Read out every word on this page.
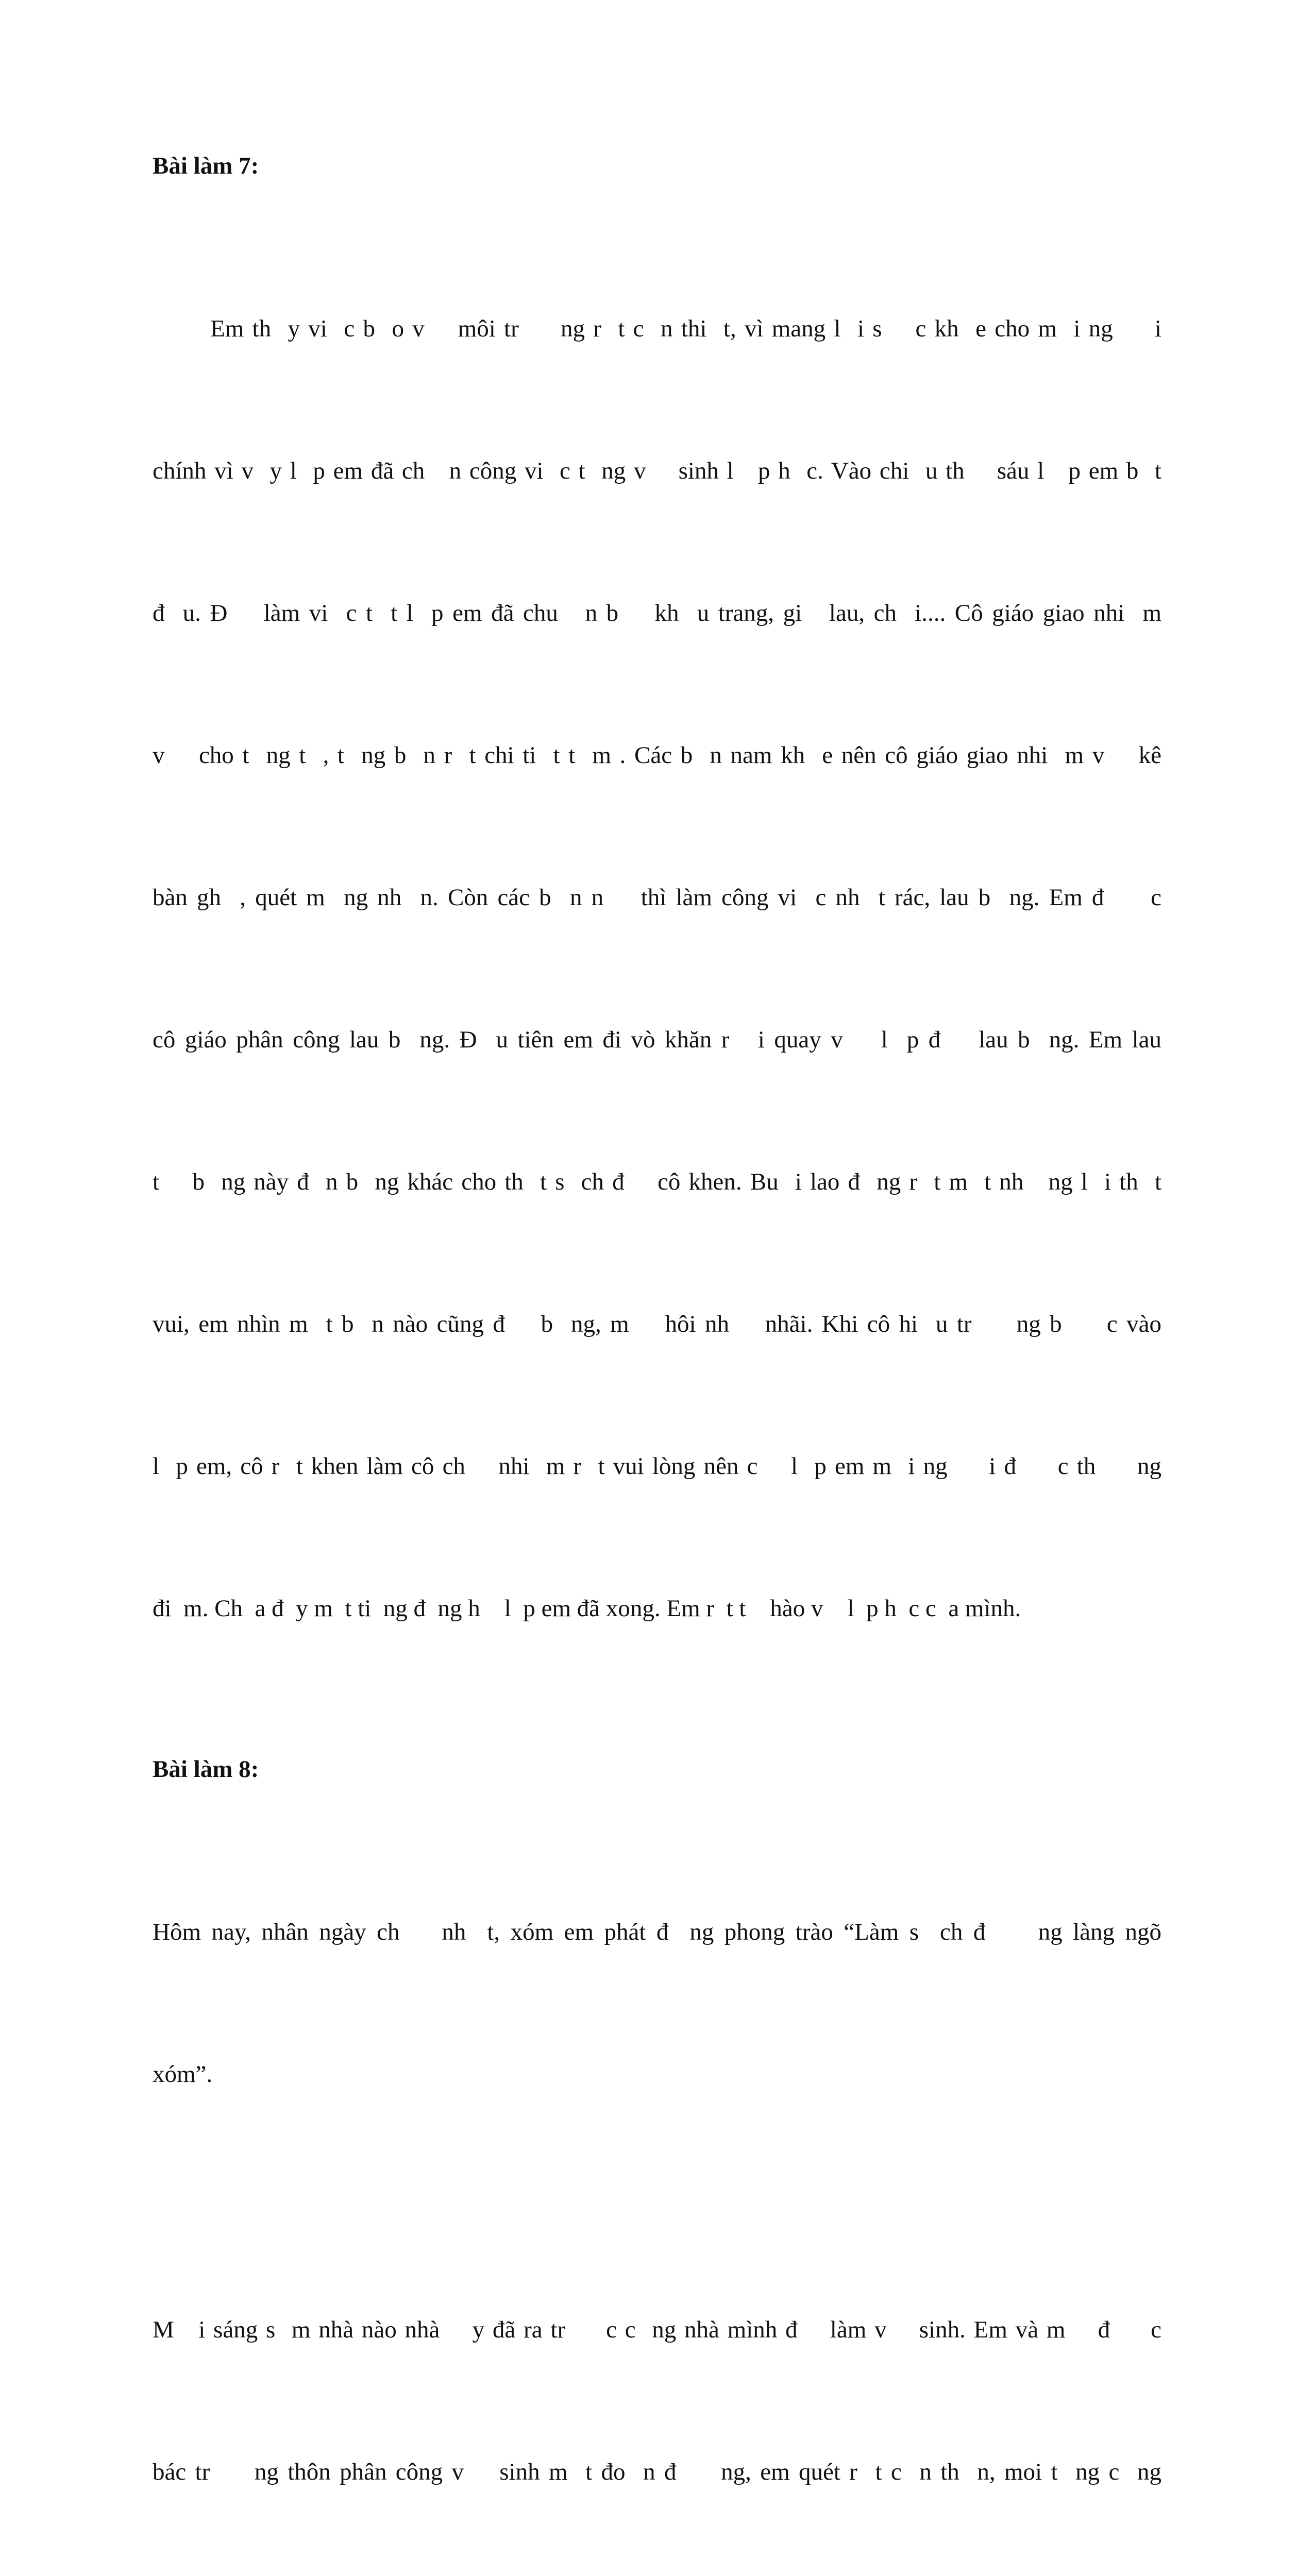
Bài làm 7:

Em th  y vi  c b  o v    môi tr     ng r  t c  n thi  t, vì mang l  i s    c kh  e cho m  i ng     i

chính vì v  y l  p em đã ch   n công vi  c t  ng v    sinh l   p h  c. Vào chi  u th    sáu l   p em b  t

đ  u. Đ    làm vi  c t  t l  p em đã chu   n b    kh  u trang, gi   lau, ch  i.... Cô giáo giao nhi  m

v    cho t  ng t  , t  ng b  n r  t chi ti  t t  m . Các b  n nam kh  e nên cô giáo giao nhi  m v    kê

bàn gh  , quét m  ng nh  n. Còn các b  n n    thì làm công vi  c nh  t rác, lau b  ng. Em đ     c

cô giáo phân công lau b  ng. Đ  u tiên em đi vò khăn r   i quay v    l  p đ    lau b  ng. Em lau

t    b  ng này đ  n b  ng khác cho th  t s  ch đ    cô khen. Bu  i lao đ  ng r  t m  t nh   ng l  i th  t

vui, em nhìn m  t b  n nào cũng đ    b  ng, m    hôi nh    nhãi. Khi cô hi  u tr     ng b     c vào

l  p em, cô r  t khen làm cô ch    nhi  m r  t vui lòng nên c    l  p em m  i ng     i đ     c th     ng

đi  m. Ch  a đ  y m  t ti  ng đ  ng h    l  p em đã xong. Em r  t t    hào v    l  p h  c c  a mình.

Bài làm 8:

Hôm nay, nhân ngày ch    nh  t, xóm em phát đ  ng phong trào “Làm s  ch đ     ng làng ngõ

xóm”.

M   i sáng s  m nhà nào nhà    y đã ra tr     c c  ng nhà mình đ    làm v    sinh. Em và m    đ     c

bác tr     ng thôn phân công v    sinh m  t đo  n đ     ng, em quét r  t c  n th  n, moi t  ng c  ng
